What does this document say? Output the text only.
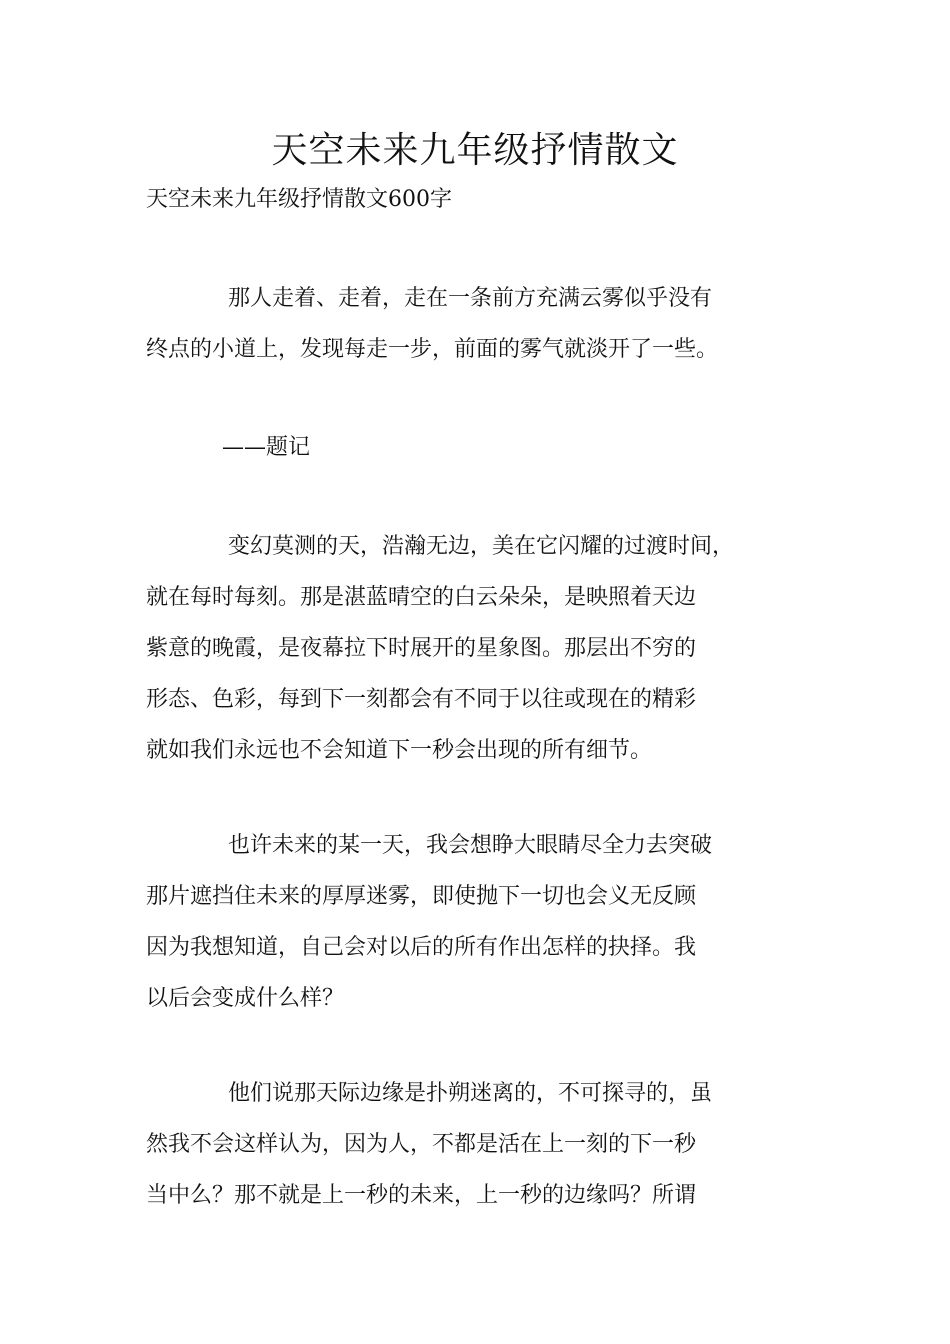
天空未来九年级抒情散文

天空未来九年级抒情散文600字

那人走着、走着，走在一条前方充满云雾似乎没有
终点的小道上，发现每走一步，前面的雾气就淡开了一些。
——题记
变幻莫测的天，浩瀚无边，美在它闪耀的过渡时间，
就在每时每刻。那是湛蓝晴空的白云朵朵，是映照着天边
紫意的晚霞，是夜幕拉下时展开的星象图。那层出不穷的
形态、色彩，每到下一刻都会有不同于以往或现在的精彩
就如我们永远也不会知道下一秒会出现的所有细节。
也许未来的某一天，我会想睁大眼睛尽全力去突破
那片遮挡住未来的厚厚迷雾，即使抛下一切也会义无反顾
因为我想知道，自己会对以后的所有作出怎样的抉择。我
以后会变成什么样？
他们说那天际边缘是扑朔迷离的，不可探寻的，虽
然我不会这样认为，因为人，不都是活在上一刻的下一秒
当中么？那不就是上一秒的未来，上一秒的边缘吗？所谓
